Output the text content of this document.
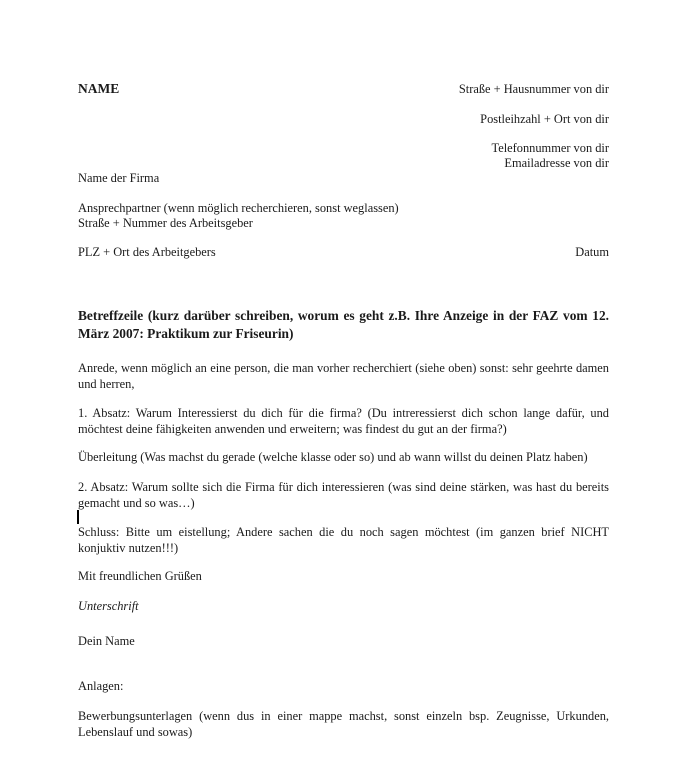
NAME	Straße + Hausnummer von dir
Postleihzahl + Ort von dir
Telefonnummer von dir
Emailadresse von dir
Name der Firma
Ansprechpartner (wenn möglich recherchieren, sonst weglassen)
Straße + Nummer des Arbeitsgeber
PLZ + Ort des Arbeitgebers	Datum
Betreffzeile (kurz darüber schreiben, worum es geht z.B. Ihre Anzeige in der FAZ vom 12. März 2007: Praktikum zur Friseurin)
Anrede, wenn möglich an eine person, die man vorher recherchiert (siehe oben) sonst: sehr geehrte damen und herren,
1. Absatz: Warum Interessierst du dich für die firma? (Du intreressierst dich schon lange dafür, und möchtest deine fähigkeiten anwenden und erweitern; was findest du gut an der firma?)
Überleitung (Was machst du gerade (welche klasse oder so) und ab wann willst du deinen Platz haben)
2. Absatz: Warum sollte sich die Firma für dich interessieren (was sind deine stärken, was hast du bereits gemacht und so was…)
Schluss: Bitte um eistellung; Andere sachen die du noch sagen möchtest (im ganzen brief NICHT konjuktiv nutzen!!!)
Mit freundlichen Grüßen
Unterschrift
Dein Name
Anlagen:
Bewerbungsunterlagen (wenn dus in einer mappe machst, sonst einzeln bsp. Zeugnisse, Urkunden, Lebenslauf und sowas)
